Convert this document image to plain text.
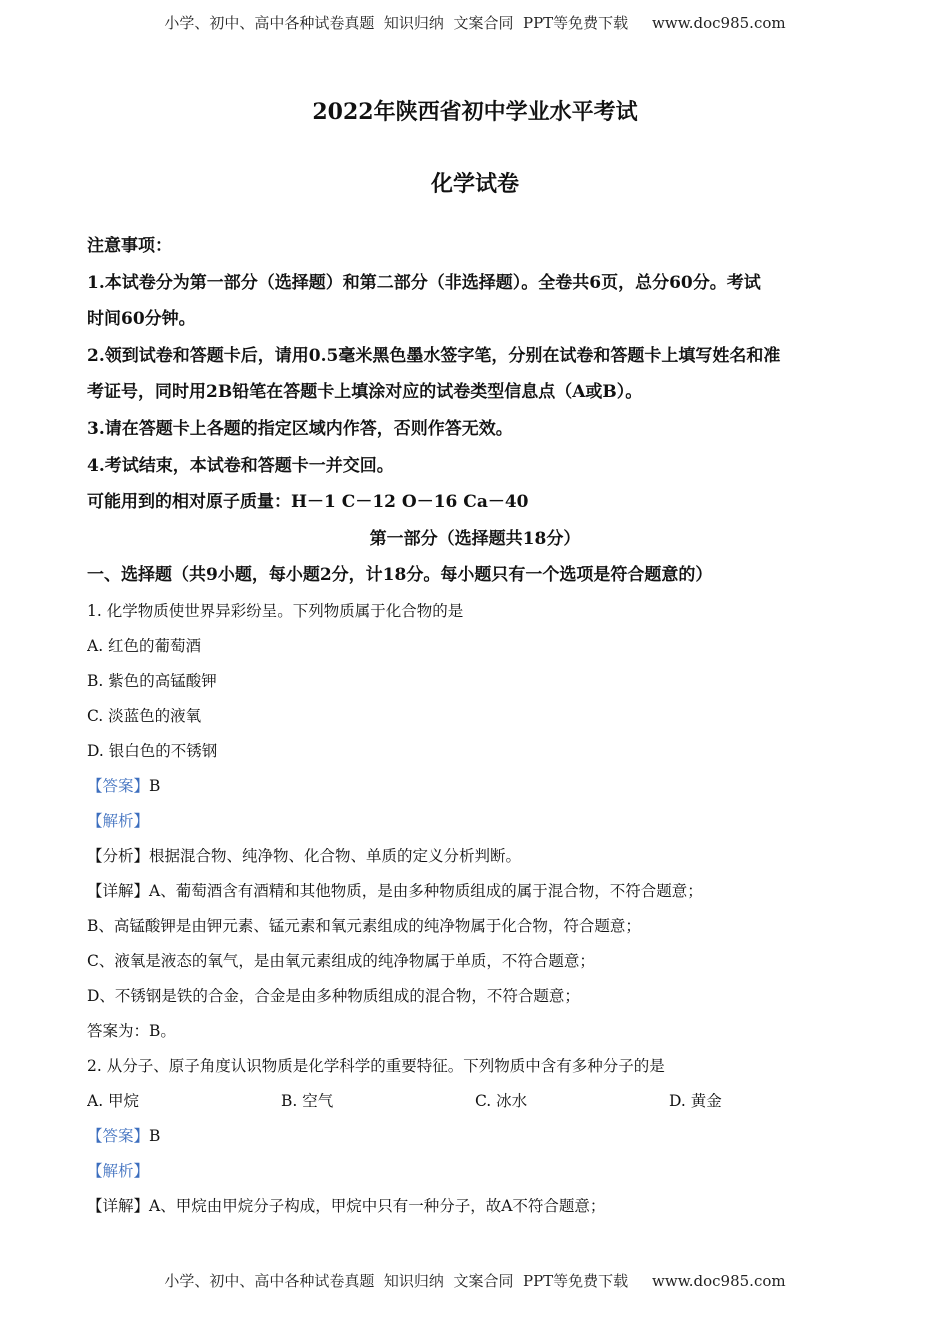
小学、初中、高中各种试卷真题  知识归纳  文案合同  PPT等免费下载     www.doc985.com
2022年陕西省初中学业水平考试
化学试卷
注意事项：
1.本试卷分为第一部分（选择题）和第二部分（非选择题）。全卷共6页，总分60分。考试
时间60分钟。
2.领到试卷和答题卡后，请用0.5毫米黑色墨水签字笔，分别在试卷和答题卡上填写姓名和准
考证号，同时用2B铅笔在答题卡上填涂对应的试卷类型信息点（A或B）。
3.请在答题卡上各题的指定区域内作答，否则作答无效。
4.考试结束，本试卷和答题卡一并交回。
可能用到的相对原子质量：H－1 C－12 O－16 Ca－40
第一部分（选择题共18分）
一、选择题（共9小题，每小题2分，计18分。每小题只有一个选项是符合题意的）
1. 化学物质使世界异彩纷呈。下列物质属于化合物的是
A. 红色的葡萄酒
B. 紫色的高锰酸钾
C. 淡蓝色的液氧
D. 银白色的不锈钢
【答案】B
【解析】
【分析】根据混合物、纯净物、化合物、单质的定义分析判断。
【详解】A、葡萄酒含有酒精和其他物质，是由多种物质组成的属于混合物，不符合题意；
B、高锰酸钾是由钾元素、锰元素和氧元素组成的纯净物属于化合物，符合题意；
C、液氧是液态的氧气，是由氧元素组成的纯净物属于单质，不符合题意；
D、不锈钢是铁的合金，合金是由多种物质组成的混合物，不符合题意；
答案为：B。
2. 从分子、原子角度认识物质是化学科学的重要特征。下列物质中含有多种分子的是
A. 甲烷	B. 空气	C. 冰水	D. 黄金
【答案】B
【解析】
【详解】A、甲烷由甲烷分子构成，甲烷中只有一种分子，故A不符合题意；
小学、初中、高中各种试卷真题  知识归纳  文案合同  PPT等免费下载     www.doc985.com
